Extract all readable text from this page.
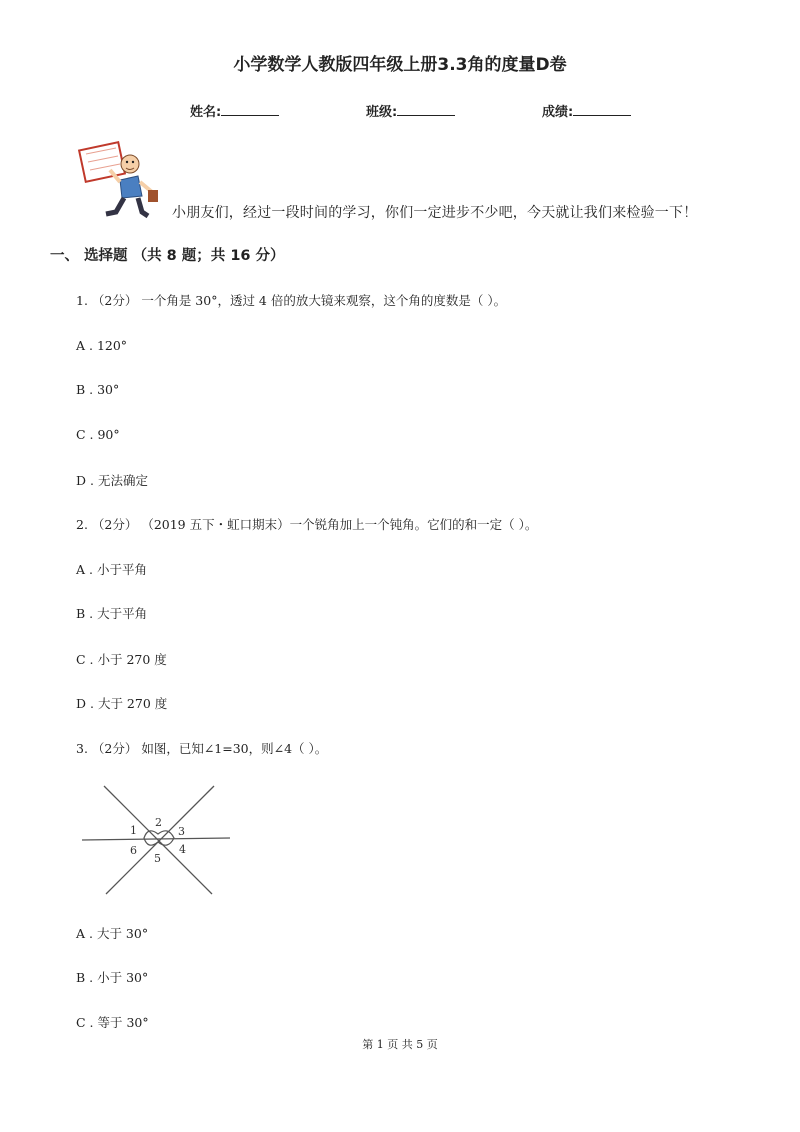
小学数学人教版四年级上册3.3角的度量D卷
姓名:	班级:	成绩:
小朋友们，经过一段时间的学习，你们一定进步不少吧，今天就让我们来检验一下！
一、 选择题 （共 8 题；共 16 分）
1. （2分） 一个角是 30°，透过 4 倍的放大镜来观察，这个角的度数是（ ）。
A . 120°
B . 30°
C . 90°
D . 无法确定
2. （2分） （2019 五下・虹口期末）一个锐角加上一个钝角。它们的和一定（ ）。
A . 小于平角
B . 大于平角
C . 小于 270 度
D . 大于 270 度
3. （2分） 如图，已知∠1=30，则∠4（ ）。
1
2
3
4
5
6
A . 大于 30°
B . 小于 30°
C . 等于 30°
第 1 页 共 5 页
